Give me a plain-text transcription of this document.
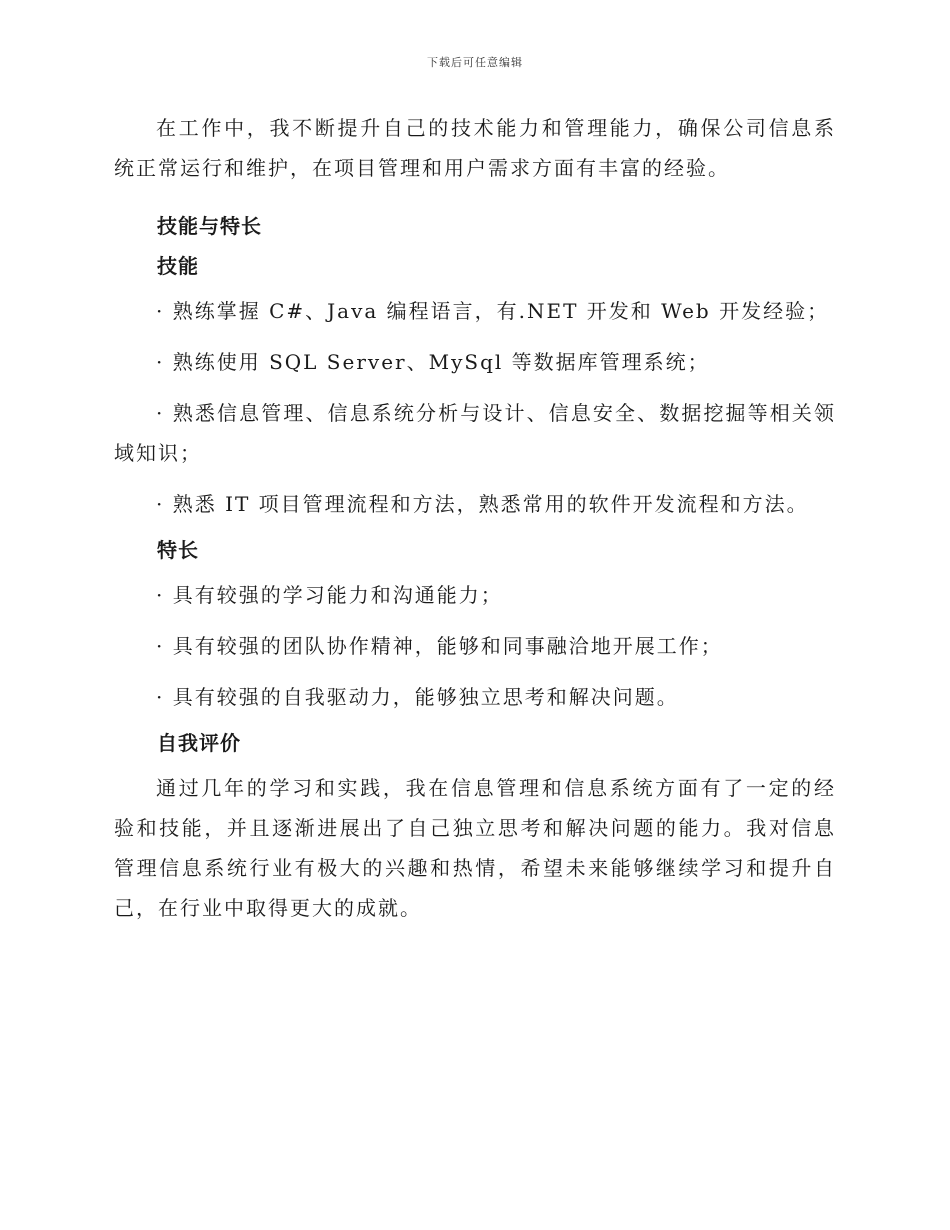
下载后可任意编辑

在工作中，我不断提升自己的技术能力和管理能力，确保公司信息系统正常运行和维护，在项目管理和用户需求方面有丰富的经验。

技能与特长
技能
· 熟练掌握 C#、Java 编程语言，有.NET 开发和 Web 开发经验；
· 熟练使用 SQL Server、MySql 等数据库管理系统；
· 熟悉信息管理、信息系统分析与设计、信息安全、数据挖掘等相关领域知识；
· 熟悉 IT 项目管理流程和方法，熟悉常用的软件开发流程和方法。
特长
· 具有较强的学习能力和沟通能力；
· 具有较强的团队协作精神，能够和同事融洽地开展工作；
· 具有较强的自我驱动力，能够独立思考和解决问题。
自我评价

通过几年的学习和实践，我在信息管理和信息系统方面有了一定的经验和技能，并且逐渐进展出了自己独立思考和解决问题的能力。我对信息管理信息系统行业有极大的兴趣和热情，希望未来能够继续学习和提升自己，在行业中取得更大的成就。
